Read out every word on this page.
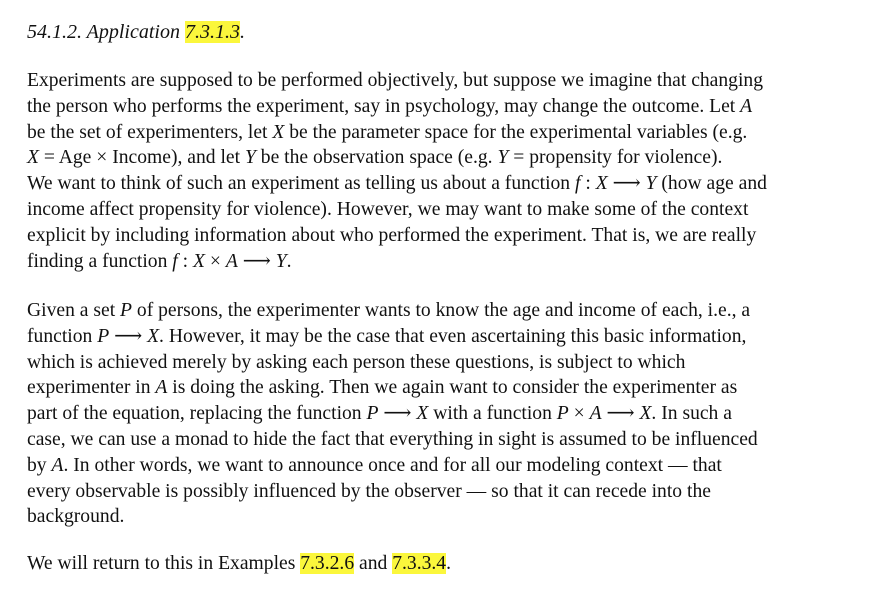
54.1.2. Application 7.3.1.3.
Experiments are supposed to be performed objectively, but suppose we imagine that changing
the person who performs the experiment, say in psychology, may change the outcome. Let A
be the set of experimenters, let X be the parameter space for the experimental variables (e.g.
X = Age × Income), and let Y be the observation space (e.g. Y = propensity for violence).
We want to think of such an experiment as telling us about a function f : X ⟶ Y (how age and
income affect propensity for violence). However, we may want to make some of the context
explicit by including information about who performed the experiment. That is, we are really
finding a function f : X × A ⟶ Y.
Given a set P of persons, the experimenter wants to know the age and income of each, i.e., a
function P ⟶ X. However, it may be the case that even ascertaining this basic information,
which is achieved merely by asking each person these questions, is subject to which
experimenter in A is doing the asking. Then we again want to consider the experimenter as
part of the equation, replacing the function P ⟶ X with a function P × A ⟶ X. In such a
case, we can use a monad to hide the fact that everything in sight is assumed to be influenced
by A. In other words, we want to announce once and for all our modeling context — that
every observable is possibly influenced by the observer — so that it can recede into the
background.
We will return to this in Examples 7.3.2.6 and 7.3.3.4.
